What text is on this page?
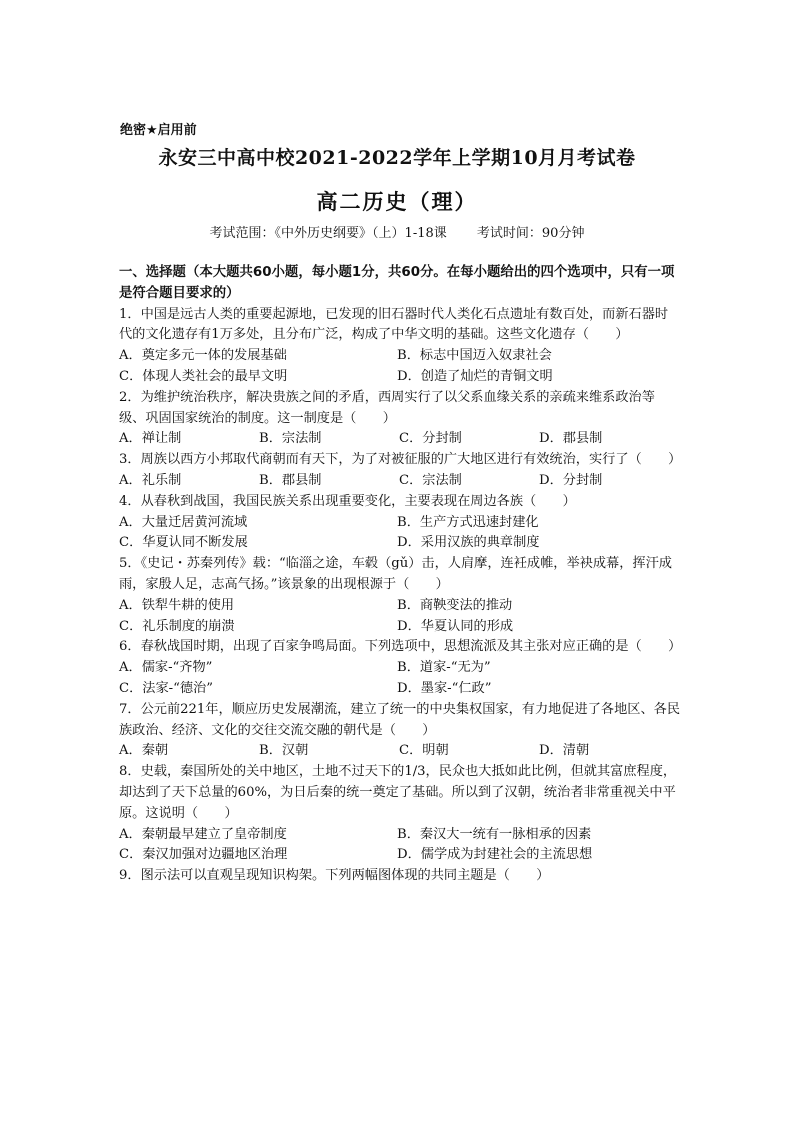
绝密★启用前
永安三中高中校2021-2022学年上学期10月月考试卷
高二历史（理）
考试范围：《中外历史纲要》（上）1-18课 考试时间：90分钟
一、选择题（本大题共60小题，每小题1分，共60分。在每小题给出的四个选项中，只有一项是符合题目要求的）

1．中国是远古人类的重要起源地，已发现的旧石器时代人类化石点遗址有数百处，而新石器时代的文化遗存有1万多处，且分布广泛，构成了中华文明的基础。这些文化遗存（　　）

A．奠定多元一体的发展基础	B．标志中国迈入奴隶社会
C．体现人类社会的最早文明	D．创造了灿烂的青铜文明

2．为维护统治秩序，解决贵族之间的矛盾，西周实行了以父系血缘关系的亲疏来维系政治等级、巩固国家统治的制度。这一制度是（　　）

A．禅让制	B．宗法制	C．分封制	D．郡县制

3．周族以西方小邦取代商朝而有天下，为了对被征服的广大地区进行有效统治，实行了（　　）

A．礼乐制	B．郡县制	C．宗法制	D．分封制

4．从春秋到战国，我国民族关系出现重要变化，主要表现在周边各族（　　）

A．大量迁居黄河流域	B．生产方式迅速封建化
C．华夏认同不断发展	D．采用汉族的典章制度

5．《史记・苏秦列传》载：“临淄之途，车毂（gǔ）击，人肩摩，连衽成帷，举袂成幕，挥汗成雨，家殷人足，志高气扬。”该景象的出现根源于（　　）

A．铁犁牛耕的使用	B．商鞅变法的推动
C．礼乐制度的崩溃	D．华夏认同的形成

6．春秋战国时期，出现了百家争鸣局面。下列选项中，思想流派及其主张对应正确的是（　　）

A．儒家-“齐物”	B．道家-“无为”
C．法家-“德治”	D．墨家-“仁政”

7．公元前221年，顺应历史发展潮流，建立了统一的中央集权国家，有力地促进了各地区、各民族政治、经济、文化的交往交流交融的朝代是（　　）

A．秦朝	B．汉朝	C．明朝	D．清朝

8．史载，秦国所处的关中地区，土地不过天下的1/3，民众也大抵如此比例，但就其富庶程度，却达到了天下总量的60%，为日后秦的统一奠定了基础。所以到了汉朝，统治者非常重视关中平原。这说明（　　）

A．秦朝最早建立了皇帝制度	B．秦汉大一统有一脉相承的因素
C．秦汉加强对边疆地区治理	D．儒学成为封建社会的主流思想

9．图示法可以直观呈现知识构架。下列两幅图体现的共同主题是（　　）
